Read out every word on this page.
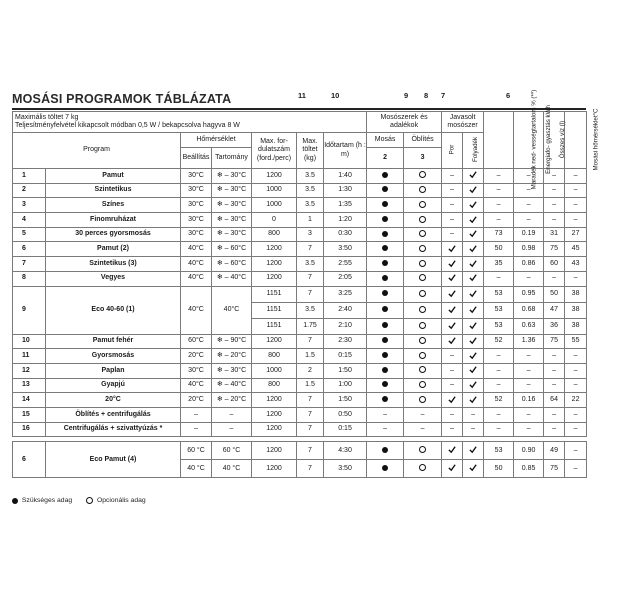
11	10	9 8 7	6
MOSÁSI PROGRAMOK TÁBLÁZATA
Maximális töltet 7 kg
Teljesítményfelvétel kikapcsolt módban 0,5 W / bekapcsolva hagyva 8 W							Mosószerek és adalékok		Javasolt mosószer		Maradék ned- vességtartalom % (**)	Energiafo- gyasztás kWh	Összes víz (l)	Mosási hőmérséklet°C
Program		Hőmérséklet		Max. for- dulatszám (ford./perc)	Max. töltet (kg)	Időtartam (h : m)	Mosás	Öblítés	Por	Folyadék				
		Beállítás	Tartomány				2	3						
1	Pamut	30°C	❄ – 30°C	1200	3.5	1:40			–		–	–	–	–
2	Szintetikus	30°C	❄ – 30°C	1000	3.5	1:30			–		–	–	–	–
3	Színes	30°C	❄ – 30°C	1000	3.5	1:35			–		–	–	–	–
4	Finomruházat	30°C	❄ – 30°C	0	1	1:20			–		–	–	–	–
5	30 perces gyorsmosás	30°C	❄ – 30°C	800	3	0:30			–		73	0.19	31	27
6	Pamut (2)	40°C	❄ – 60°C	1200	7	3:50					50	0.98	75	45
7	Szintetikus (3)	40°C	❄ – 60°C	1200	3.5	2:55					35	0.86	60	43
8	Vegyes	40°C	❄ – 40°C	1200	7	2:05					–	–	–	–
9	Eco 40-60 (1)	40°C	40°C	1151	7	3:25					53	0.95	50	38
				1151	3.5	2:40					53	0.68	47	38
				1151	1.75	2:10					53	0.63	36	38
10	Pamut fehér	60°C	❄ – 90°C	1200	7	2:30					52	1.36	75	55
11	Gyorsmosás	20°C	❄ – 20°C	800	1.5	0:15			–		–	–	–	–
12	Paplan	30°C	❄ – 30°C	1000	2	1:50			–		–	–	–	–
13	Gyapjú	40°C	❄ – 40°C	800	1.5	1:00			–		–	–	–	–
14	20°C	20°C	❄ – 20°C	1200	7	1:50					52	0.16	64	22
15	Öblítés + centrifugálás	–	–	1200	7	0:50	–	–	–	–	–	–	–	–
16	Centrifugálás + szivattyúzás *	–	–	1200	7	0:15	–	–	–	–	–	–	–	–

6	Eco Pamut (4)	60 °C	60 °C	1200	7	4:30					53	0.90	49	–
		40 °C	40 °C	1200	7	3:50					50	0.85	75	–
Szükséges adag	Opcionális adag
